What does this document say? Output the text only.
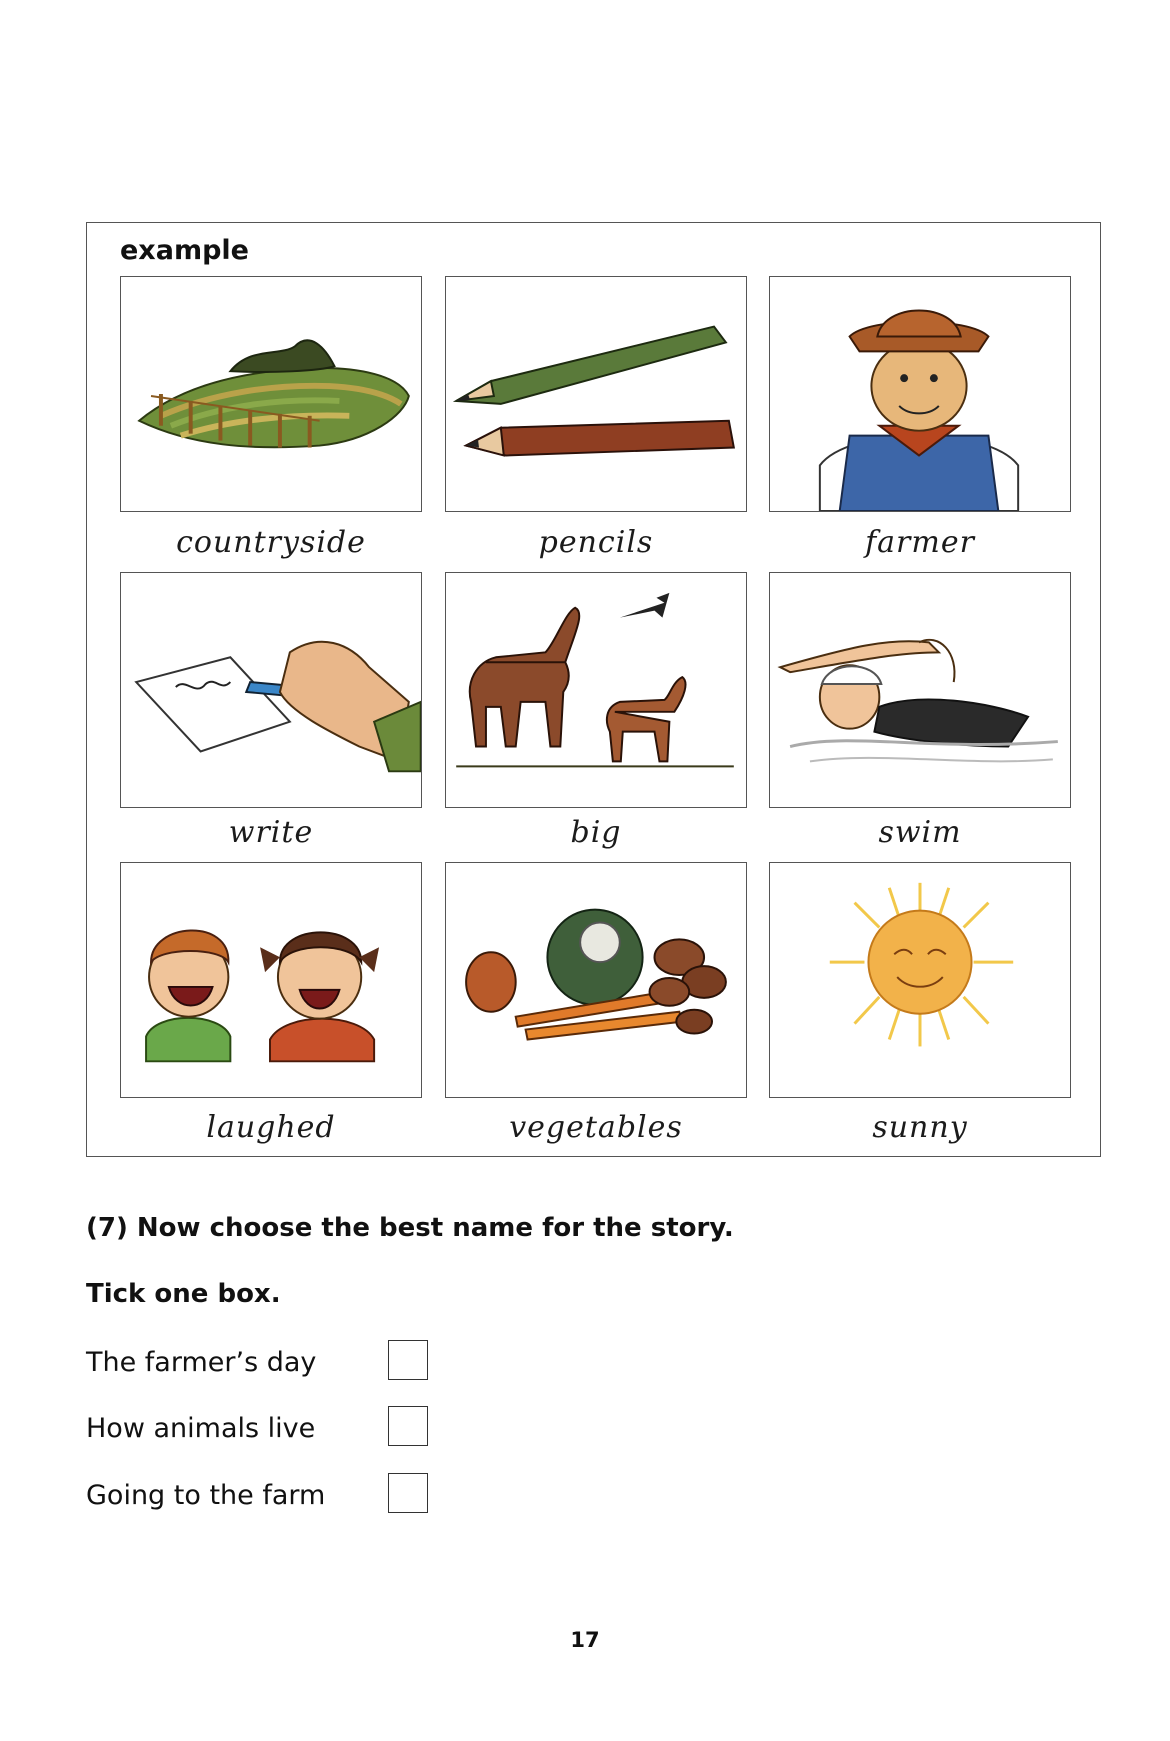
example
countryside	pencils	farmer
write	big	swim
laughed	vegetables	sunny
(7) Now choose the best name for the story.
Tick one box.
The farmer’s day
How animals live
Going to the farm
17
